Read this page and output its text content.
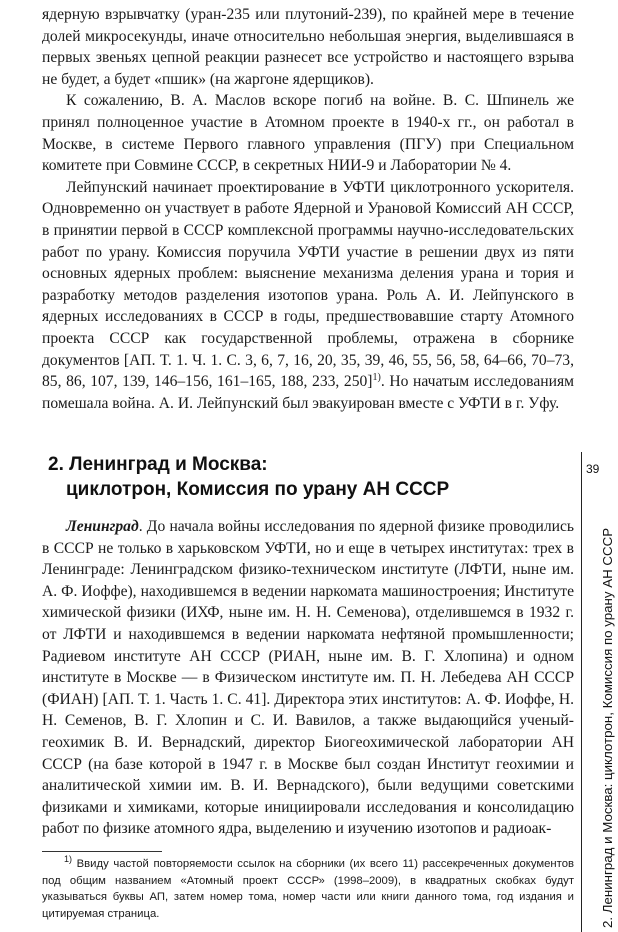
ядерную взрывчатку (уран-235 или плутоний-239), по крайней мере в течение долей микросекунды, иначе относительно небольшая энергия, выделившаяся в первых звеньях цепной реакции разнесет все устройство и настоящего взрыва не будет, а будет «пшик» (на жаргоне ядерщиков).

К сожалению, В. А. Маслов вскоре погиб на войне. В. С. Шпинель же принял полноценное участие в Атомном проекте в 1940-х гг., он работал в Москве, в системе Первого главного управления (ПГУ) при Специальном комитете при Совмине СССР, в секретных НИИ-9 и Лаборатории № 4.

Лейпунский начинает проектирование в УФТИ циклотронного ускорителя. Одновременно он участвует в работе Ядерной и Урановой Комиссий АН СССР, в принятии первой в СССР комплексной программы научно-исследовательских работ по урану. Комиссия поручила УФТИ участие в решении двух из пяти основных ядерных проблем: выяснение механизма деления урана и тория и разработку методов разделения изотопов урана. Роль А. И. Лейпунского в ядерных исследованиях в СССР в годы, предшествовавшие старту Атомного проекта СССР как государственной проблемы, отражена в сборнике документов [АП. Т. 1. Ч. 1. С. 3, 6, 7, 16, 20, 35, 39, 46, 55, 56, 58, 64–66, 70–73, 85, 86, 107, 139, 146–156, 161–165, 188, 233, 250]$^{1)}$. Но начатым исследованиям помешала война. А. И. Лейпунский был эвакуирован вместе с УФТИ в г. Уфу.

2. Ленинград и Москва:
циклотрон, Комиссия по урану АН СССР

Ленинград. До начала войны исследования по ядерной физике проводились в СССР не только в харьковском УФТИ, но и еще в четырех институтах: трех в Ленинграде: Ленинградском физико-техническом институте (ЛФТИ, ныне им. А. Ф. Иоффе), находившемся в ведении наркомата машиностроения; Институте химической физики (ИХФ, ныне им. Н. Н. Семенова), отделившемся в 1932 г. от ЛФТИ и находившемся в ведении наркомата нефтяной промышленности; Радиевом институте АН СССР (РИАН, ныне им. В. Г. Хлопина) и одном институте в Москве — в Физическом институте им. П. Н. Лебедева АН СССР (ФИАН) [АП. Т. 1. Часть 1. С. 41]. Директора этих институтов: А. Ф. Иоффе, Н. Н. Семенов, В. Г. Хлопин и С. И. Вавилов, а также выдающийся ученый-геохимик В. И. Вернадский, директор Биогеохимической лаборатории АН СССР (на базе которой в 1947 г. в Москве был создан Институт геохимии и аналитической химии им. В. И. Вернадского), были ведущими советскими физиками и химиками, которые инициировали исследования и консолидацию работ по физике атомного ядра, выделению и изучению изотопов и радиоак-

$^{1)}$ Ввиду частой повторяемости ссылок на сборники (их всего 11) рассекреченных документов под общим названием «Атомный проект СССР» (1998–2009), в квадратных скобках будут указываться буквы АП, затем номер тома, номер части или книги данного тома, год издания и цитируемая страница.

39
2. Ленинград и Москва: циклотрон, Комиссия по урану АН СССР
